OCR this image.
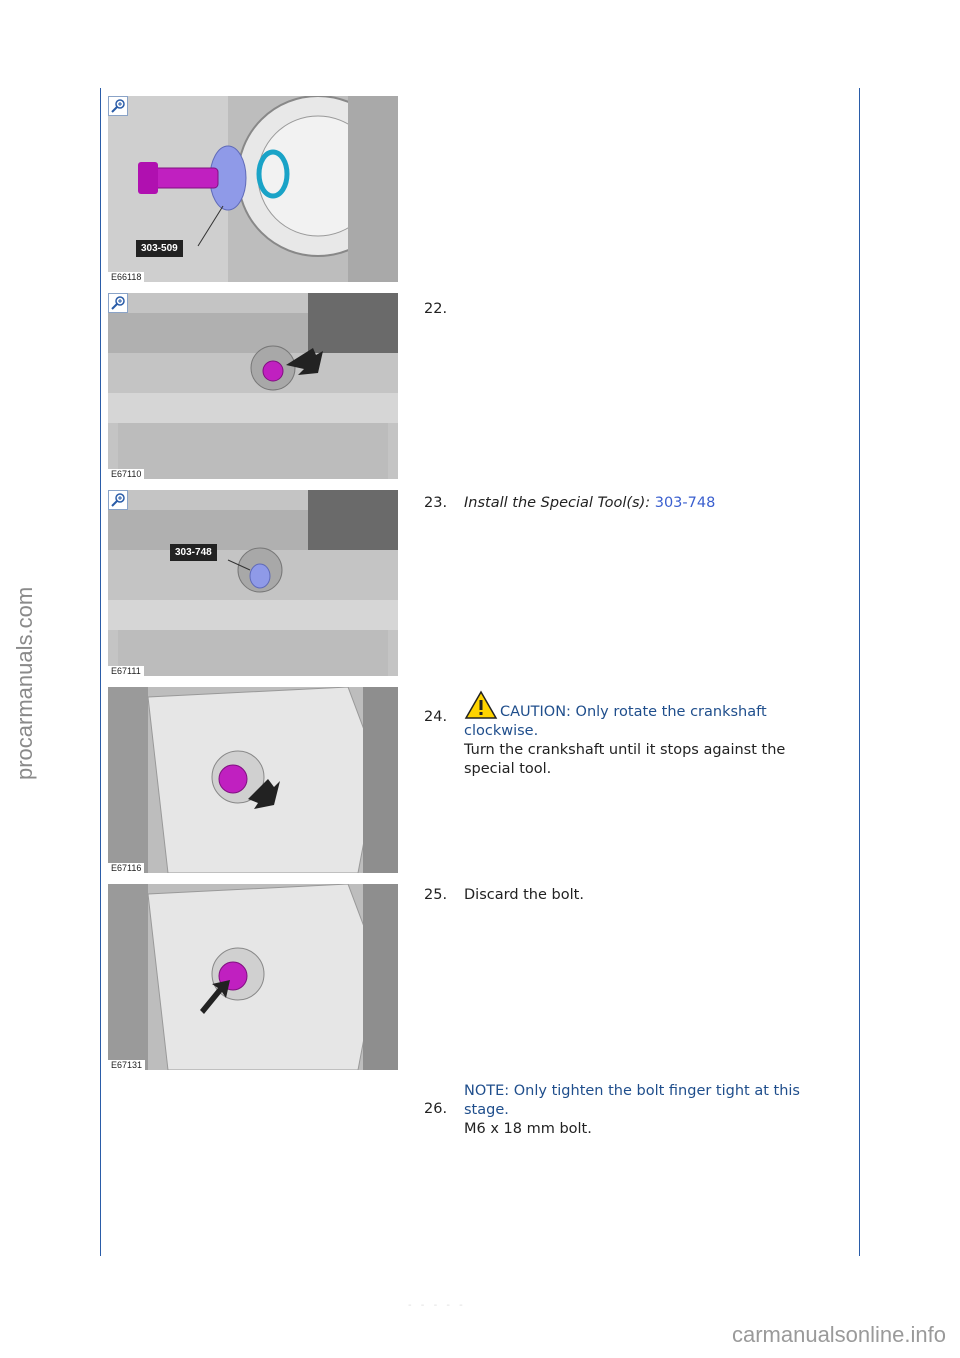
procarmanuals.com
carmanualsonline.info
- - - - -
303-509
E66118
E67110
303-748
E67111
E67116
E67131
22.
23. Install the Special Tool(s): 303-748
24.	CAUTION: Only rotate the crankshaft clockwise.
Turn the crankshaft until it stops against the special tool.
25. Discard the bolt.
26.
NOTE: Only tighten the bolt finger tight at this stage.
M6 x 18 mm bolt.
